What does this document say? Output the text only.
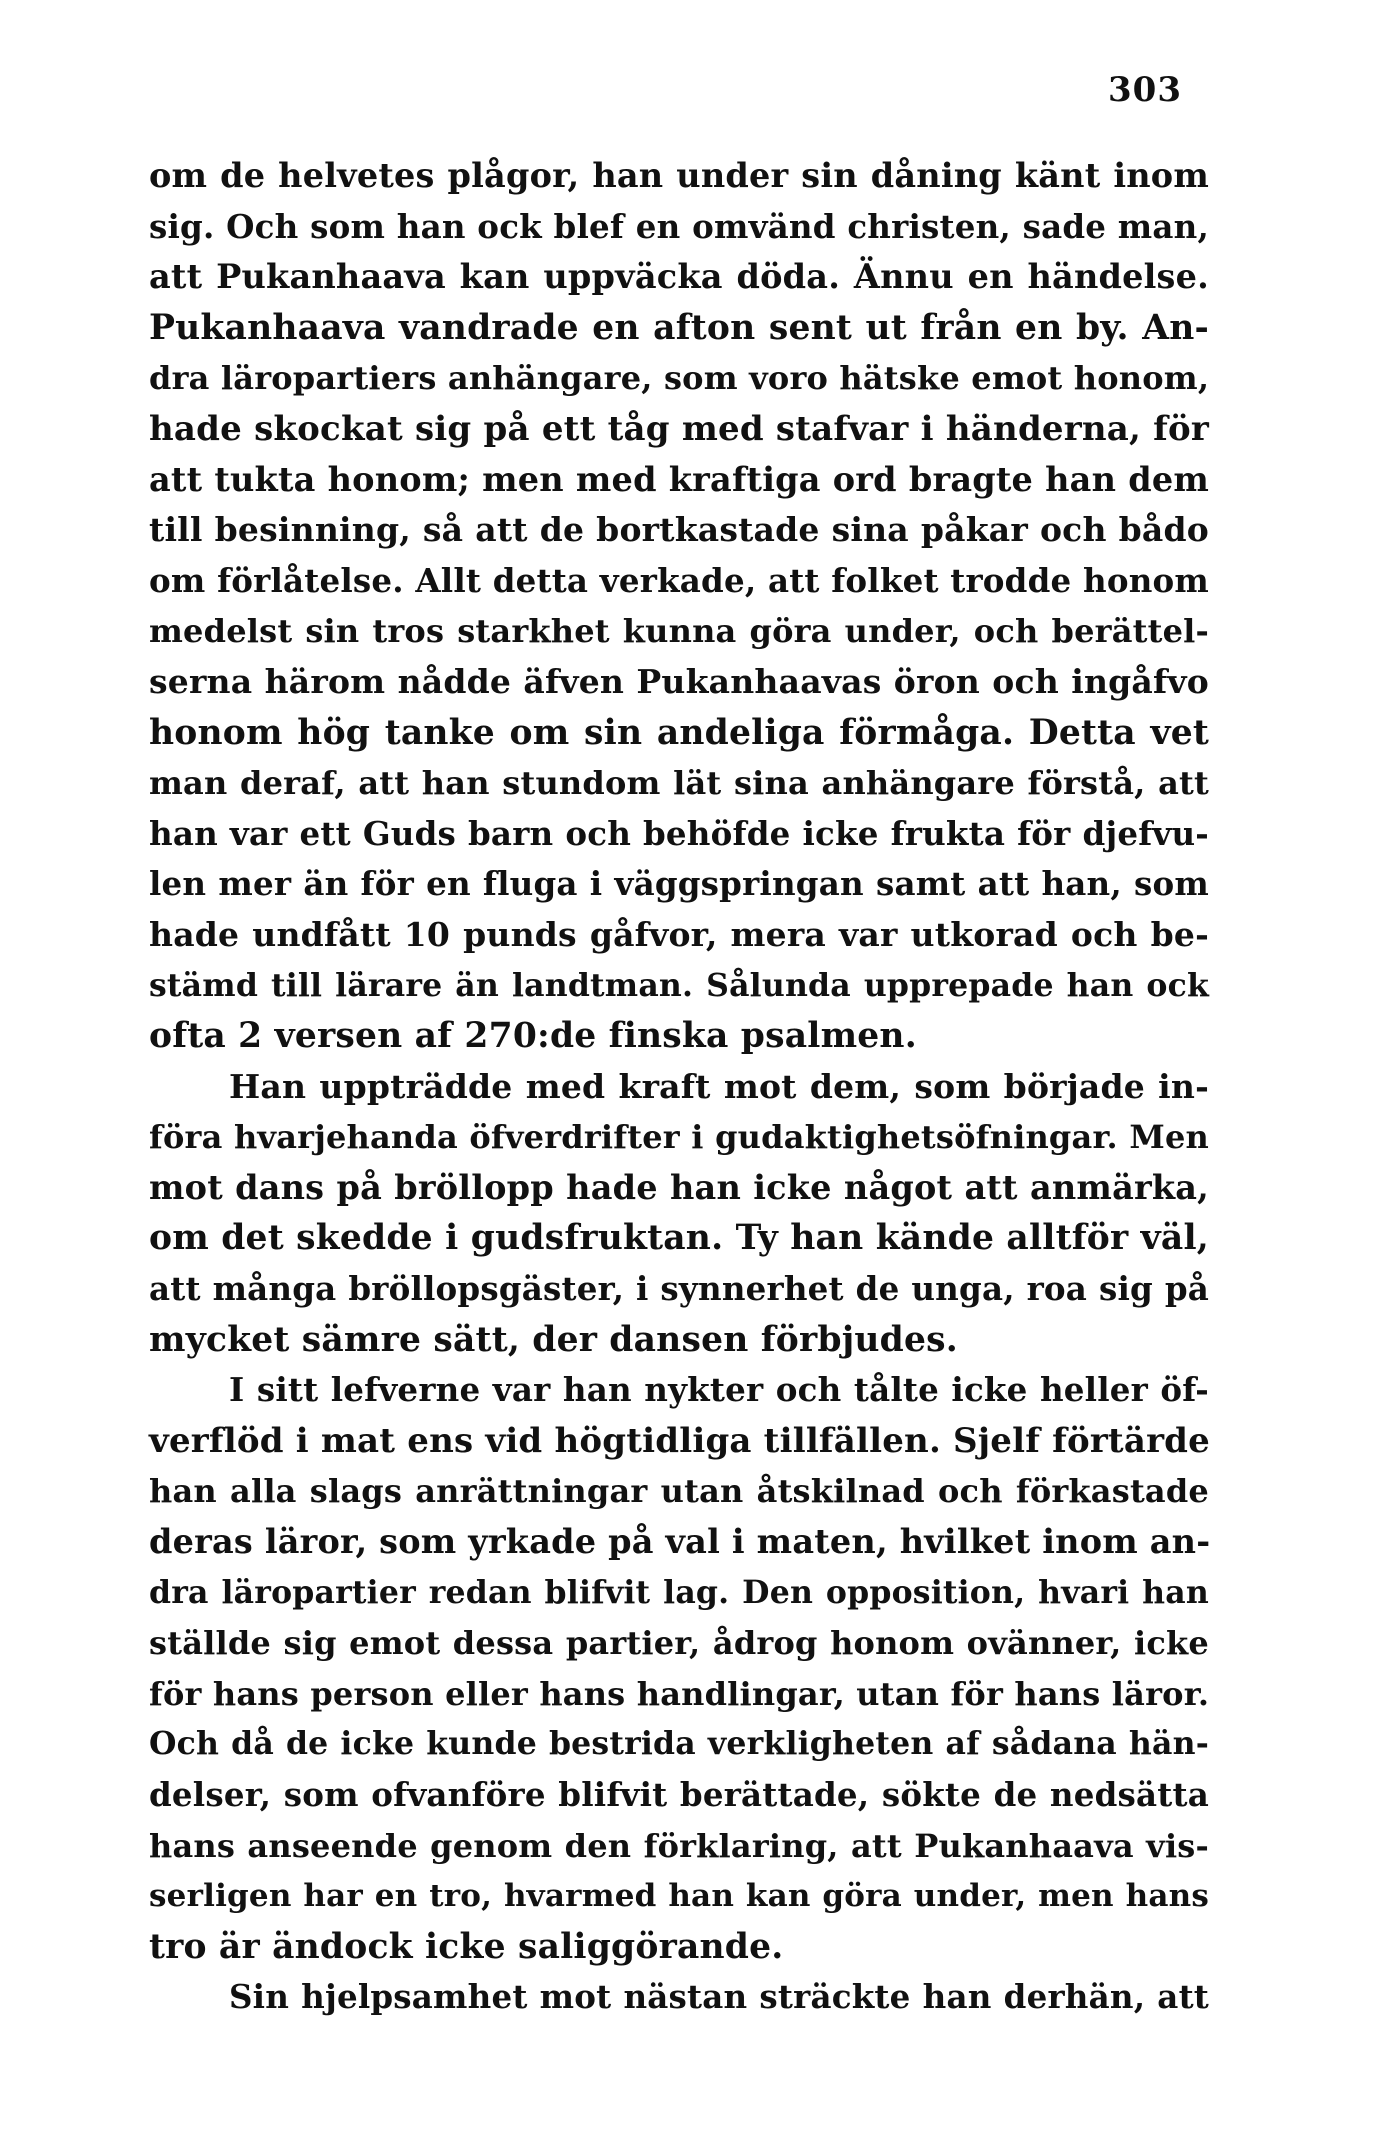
303
om de helvetes plågor, han under sin dåning känt inom
sig. Och som han ock blef en omvänd christen, sade man,
att Pukanhaava kan uppväcka döda. Ännu en händelse.
Pukanhaava vandrade en afton sent ut från en by. An-
dra läropartiers anhängare, som voro hätske emot honom,
hade skockat sig på ett tåg med stafvar i händerna, för
att tukta honom; men med kraftiga ord bragte han dem
till besinning, så att de bortkastade sina påkar och bådo
om förlåtelse. Allt detta verkade, att folket trodde honom
medelst sin tros starkhet kunna göra under, och berättel-
serna härom nådde äfven Pukanhaavas öron och ingåfvo
honom hög tanke om sin andeliga förmåga. Detta vet
man deraf, att han stundom lät sina anhängare förstå, att
han var ett Guds barn och behöfde icke frukta för djefvu-
len mer än för en fluga i väggspringan samt att han, som
hade undfått 10 punds gåfvor, mera var utkorad och be-
stämd till lärare än landtman. Sålunda upprepade han ock
ofta 2 versen af 270:de finska psalmen.
Han uppträdde med kraft mot dem, som började in-
föra hvarjehanda öfverdrifter i gudaktighetsöfningar. Men
mot dans på bröllopp hade han icke något att anmärka,
om det skedde i gudsfruktan. Ty han kände alltför väl,
att många bröllopsgäster, i synnerhet de unga, roa sig på
mycket sämre sätt, der dansen förbjudes.
I sitt lefverne var han nykter och tålte icke heller öf-
verflöd i mat ens vid högtidliga tillfällen. Sjelf förtärde
han alla slags anrättningar utan åtskilnad och förkastade
deras läror, som yrkade på val i maten, hvilket inom an-
dra läropartier redan blifvit lag. Den opposition, hvari han
ställde sig emot dessa partier, ådrog honom ovänner, icke
för hans person eller hans handlingar, utan för hans läror.
Och då de icke kunde bestrida verkligheten af sådana hän-
delser, som ofvanföre blifvit berättade, sökte de nedsätta
hans anseende genom den förklaring, att Pukanhaava vis-
serligen har en tro, hvarmed han kan göra under, men hans
tro är ändock icke saliggörande.
Sin hjelpsamhet mot nästan sträckte han derhän, att
